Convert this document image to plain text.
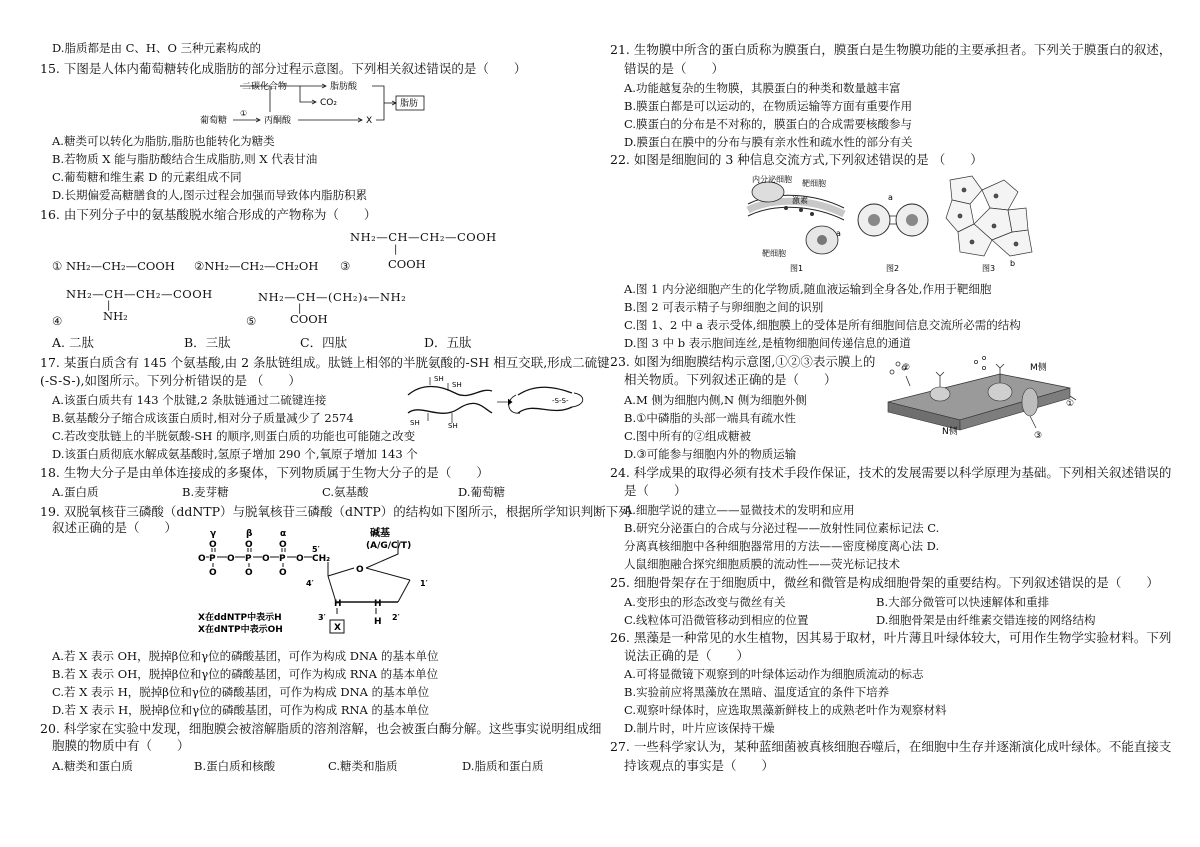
D.脂质都是由 C、H、O 三种元素构成的
15. 下图是人体内葡萄糖转化成脂肪的部分过程示意图。下列相关叙述错误的是（　　）
二碳化合物	脂肪酸
CO₂
葡萄糖
①
丙酮酸	X
脂肪
A.糖类可以转化为脂肪,脂肪也能转化为糖类
B.若物质 X 能与脂肪酸结合生成脂肪,则 X 代表甘油
C.葡萄糖和维生素 D 的元素组成不同
D.长期偏爱高糖膳食的人,图示过程会加强而导致体内脂肪积累
16. 由下列分子中的氨基酸脱水缩合形成的产物称为（　　）
NH₂—CH—CH₂—COOH
|
COOH
① NH₂—CH₂—COOH ②NH₂—CH₂—CH₂OH ③
NH₂—CH—CH₂—COOH
|
NH₂
④
NH₂—CH—(CH₂)₄—NH₂
|
COOH
⑤
A. 二肽	B．三肽	C．四肽	D．五肽
17. 某蛋白质含有 145 个氨基酸,由 2 条肽链组成。肽链上相邻的半胱氨酸的-SH 相互交联,形成二硫键
(-S-S-),如图所示。下列分析错误的是 （　　）	SH
SH
SH	SH
-S-S-
A.该蛋白质共有 143 个肽键,2 条肽链通过二硫键连接
B.氨基酸分子缩合成该蛋白质时,相对分子质量减少了 2574
C.若改变肽链上的半胱氨酸-SH 的顺序,则蛋白质的功能也可能随之改变
D.该蛋白质彻底水解成氨基酸时,氢原子增加 290 个,氧原子增加 143 个
18. 生物大分子是由单体连接成的多聚体，下列物质属于生物大分子的是（　　）
A.蛋白质	B.麦芽糖	C.氨基酸	D.葡萄糖
19. 双脱氧核苷三磷酸（ddNTP）与脱氧核苷三磷酸（dNTP）的结构如下图所示，根据所学知识判断下列
叙述正确的是（　　）	γ	β	α
O	O	O
O P O P O P O
O	O	O
5′
CH₂
碱基
(A/G/C/T)
O
4′	1′
3′	2′
H	H
H
X
X在ddNTP中表示H
X在dNTP中表示OH
A.若 X 表示 OH，脱掉β位和γ位的磷酸基团，可作为构成 DNA 的基本单位
B.若 X 表示 OH，脱掉β位和γ位的磷酸基团，可作为构成 RNA 的基本单位
C.若 X 表示 H，脱掉β位和γ位的磷酸基团，可作为构成 DNA 的基本单位
D.若 X 表示 H，脱掉β位和γ位的磷酸基团，可作为构成 RNA 的基本单位
20. 科学家在实验中发现，细胞膜会被溶解脂质的溶剂溶解，也会被蛋白酶分解。这些事实说明组成细
胞膜的物质中有（　　）
A.糖类和蛋白质	B.蛋白质和核酸	C.糖类和脂质	D.脂质和蛋白质
21. 生物膜中所含的蛋白质称为膜蛋白，膜蛋白是生物膜功能的主要承担者。下列关于膜蛋白的叙述，
错误的是（　　）
A.功能越复杂的生物膜，其膜蛋白的种类和数量越丰富
B.膜蛋白都是可以运动的，在物质运输等方面有重要作用
C.膜蛋白的分布是不对称的，膜蛋白的合成需要核酸参与
D.膜蛋白在膜中的分布与膜有亲水性和疏水性的部分有关
22. 如图是细胞间的 3 种信息交流方式,下列叙述错误的是 （　　）
内分泌细胞 靶细胞
激素
靶细胞
a
图1
a
图2
b
图3
A.图 1 内分泌细胞产生的化学物质,随血液运输到全身各处,作用于靶细胞
B.图 2 可表示精子与卵细胞之间的识别
C.图 1、2 中 a 表示受体,细胞膜上的受体是所有细胞间信息交流所必需的结构
D.图 3 中 b 表示胞间连丝,是植物细胞间传递信息的通道
23. 如图为细胞膜结构示意图,①②③表示膜上的
相关物质。下列叙述正确的是（　　）
M侧
N侧
②
①
③
A.M 侧为细胞内侧,N 侧为细胞外侧
B.①中磷脂的头部一端具有疏水性
C.图中所有的②组成糖被
D.③可能参与细胞内外的物质运输
24. 科学成果的取得必须有技术手段作保证，技术的发展需要以科学原理为基础。下列相关叙述错误的
是（　　）
A.细胞学说的建立——显微技术的发明和应用
B.研究分泌蛋白的合成与分泌过程——放射性同位素标记法 C.
分离真核细胞中各种细胞器常用的方法——密度梯度离心法 D.
人鼠细胞融合探究细胞质膜的流动性——荧光标记技术
25. 细胞骨架存在于细胞质中，微丝和微管是构成细胞骨架的重要结构。下列叙述错误的是（　　）
A.变形虫的形态改变与微丝有关	B.大部分微管可以快速解体和重排
C.线粒体可沿微管移动到相应的位置	D.细胞骨架是由纤维素交错连接的网络结构
26. 黑藻是一种常见的水生植物，因其易于取材，叶片薄且叶绿体较大，可用作生物学实验材料。下列
说法正确的是（　　）
A.可将显微镜下观察到的叶绿体运动作为细胞质流动的标志
B.实验前应将黑藻放在黑暗、温度适宜的条件下培养
C.观察叶绿体时，应选取黑藻新鲜枝上的成熟老叶作为观察材料
D.制片时，叶片应该保持干燥
27. 一些科学家认为，某种蓝细菌被真核细胞吞噬后，在细胞中生存并逐渐演化成叶绿体。不能直接支
持该观点的事实是（　　）
